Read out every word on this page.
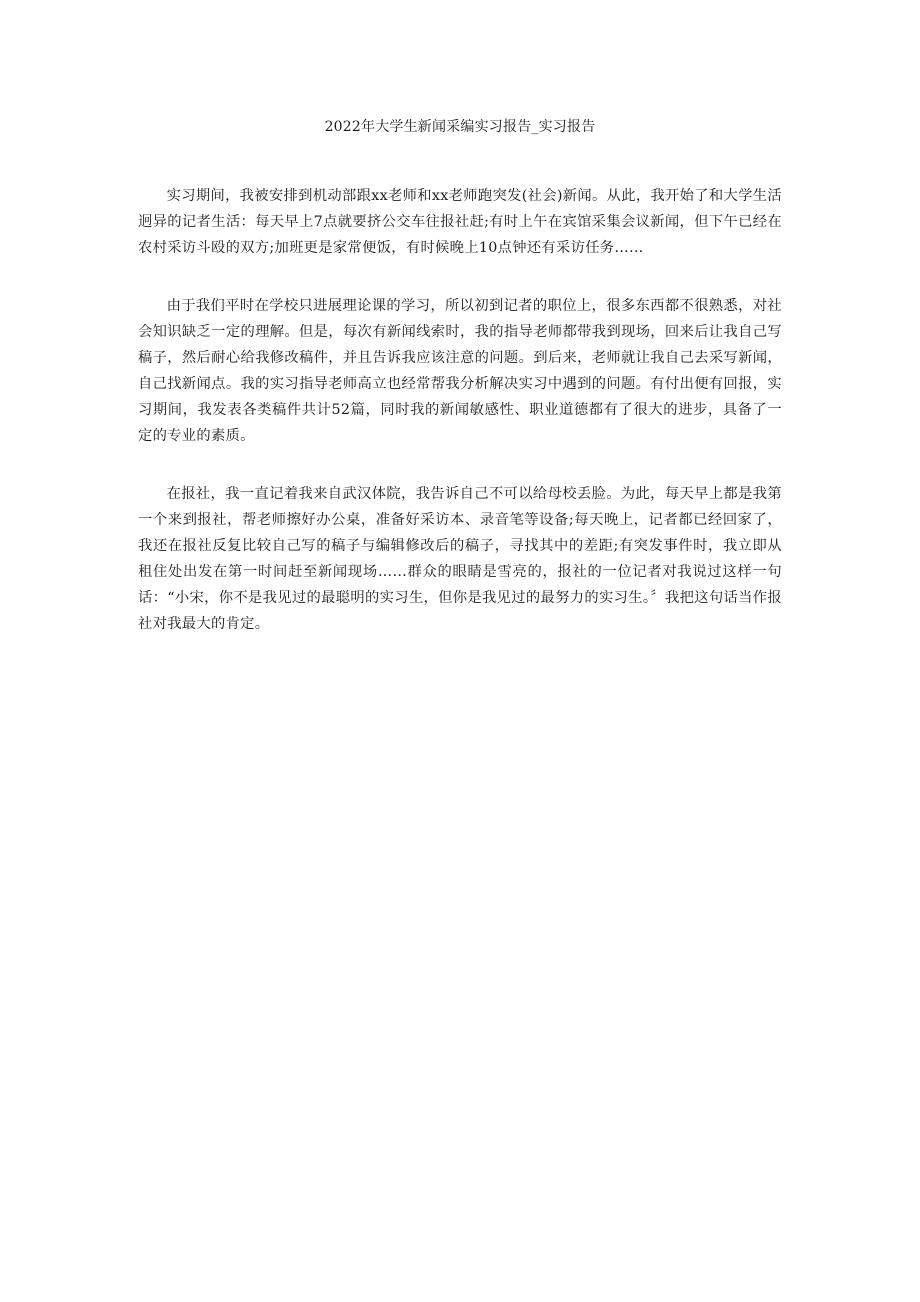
2022年大学生新闻采编实习报告_实习报告

实习期间，我被安排到机动部跟xx老师和xx老师跑突发(社会)新闻。从此，我开始了和大学生活迥异的记者生活：每天早上7点就要挤公交车往报社赶;有时上午在宾馆采集会议新闻，但下午已经在农村采访斗殴的双方;加班更是家常便饭，有时候晚上10点钟还有采访任务……

由于我们平时在学校只进展理论课的学习，所以初到记者的职位上，很多东西都不很熟悉，对社会知识缺乏一定的理解。但是，每次有新闻线索时，我的指导老师都带我到现场，回来后让我自己写稿子，然后耐心给我修改稿件，并且告诉我应该注意的问题。到后来，老师就让我自己去采写新闻，自己找新闻点。我的实习指导老师高立也经常帮我分析解决实习中遇到的问题。有付出便有回报，实习期间，我发表各类稿件共计52篇，同时我的新闻敏感性、职业道德都有了很大的进步，具备了一定的专业的素质。

在报社，我一直记着我来自武汉体院，我告诉自己不可以给母校丢脸。为此，每天早上都是我第一个来到报社，帮老师擦好办公桌，准备好采访本、录音笔等设备;每天晚上，记者都已经回家了，我还在报社反复比较自己写的稿子与编辑修改后的稿子，寻找其中的差距;有突发事件时，我立即从租住处出发在第一时间赶至新闻现场……群众的眼睛是雪亮的，报社的一位记者对我说过这样一句话：“小宋，你不是我见过的最聪明的实习生，但你是我见过的最努力的实习生。〞我把这句话当作报社对我最大的肯定。
